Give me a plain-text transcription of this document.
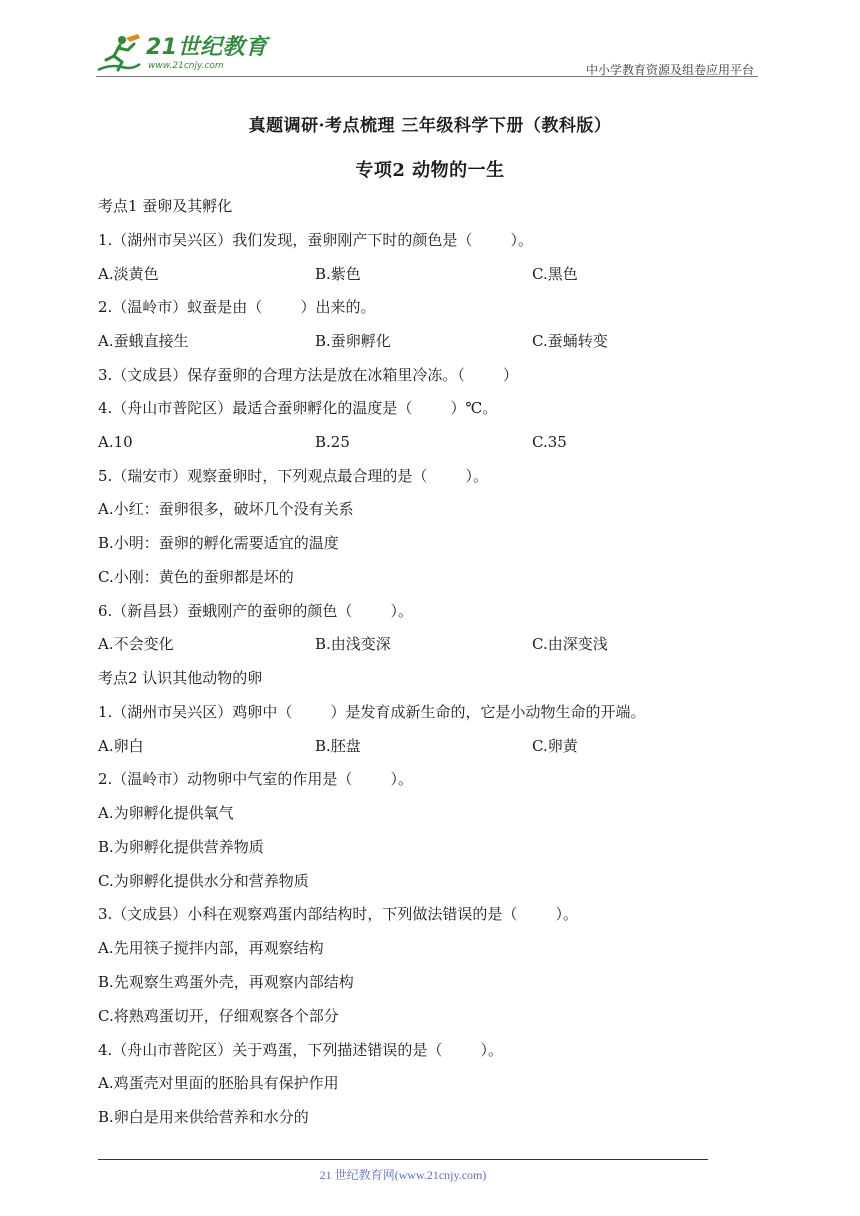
21世纪教育
www.21cnjy.com	中小学教育资源及组卷应用平台
真题调研·考点梳理 三年级科学下册（教科版）
专项2 动物的一生
考点1 蚕卵及其孵化
1.（湖州市吴兴区）我们发现，蚕卵刚产下时的颜色是（        ）。
A.淡黄色	B.紫色	C.黑色
2.（温岭市）蚁蚕是由（        ）出来的。
A.蚕蛾直接生	B.蚕卵孵化	C.蚕蛹转变
3.（文成县）保存蚕卵的合理方法是放在冰箱里冷冻。（        ）
4.（舟山市普陀区）最适合蚕卵孵化的温度是（        ）℃。
A.10	B.25	C.35
5.（瑞安市）观察蚕卵时，下列观点最合理的是（        ）。
A.小红：蚕卵很多，破坏几个没有关系
B.小明：蚕卵的孵化需要适宜的温度
C.小刚：黄色的蚕卵都是坏的
6.（新昌县）蚕蛾刚产的蚕卵的颜色（        ）。
A.不会变化	B.由浅变深	C.由深变浅
考点2 认识其他动物的卵
1.（湖州市吴兴区）鸡卵中（        ）是发育成新生命的，它是小动物生命的开端。
A.卵白	B.胚盘	C.卵黄
2.（温岭市）动物卵中气室的作用是（        ）。
A.为卵孵化提供氧气
B.为卵孵化提供营养物质
C.为卵孵化提供水分和营养物质
3.（文成县）小科在观察鸡蛋内部结构时，下列做法错误的是（        ）。
A.先用筷子搅拌内部，再观察结构
B.先观察生鸡蛋外壳，再观察内部结构
C.将熟鸡蛋切开，仔细观察各个部分
4.（舟山市普陀区）关于鸡蛋，下列描述错误的是（        ）。
A.鸡蛋壳对里面的胚胎具有保护作用
B.卵白是用来供给营养和水分的
21 世纪教育网(www.21cnjy.com)
